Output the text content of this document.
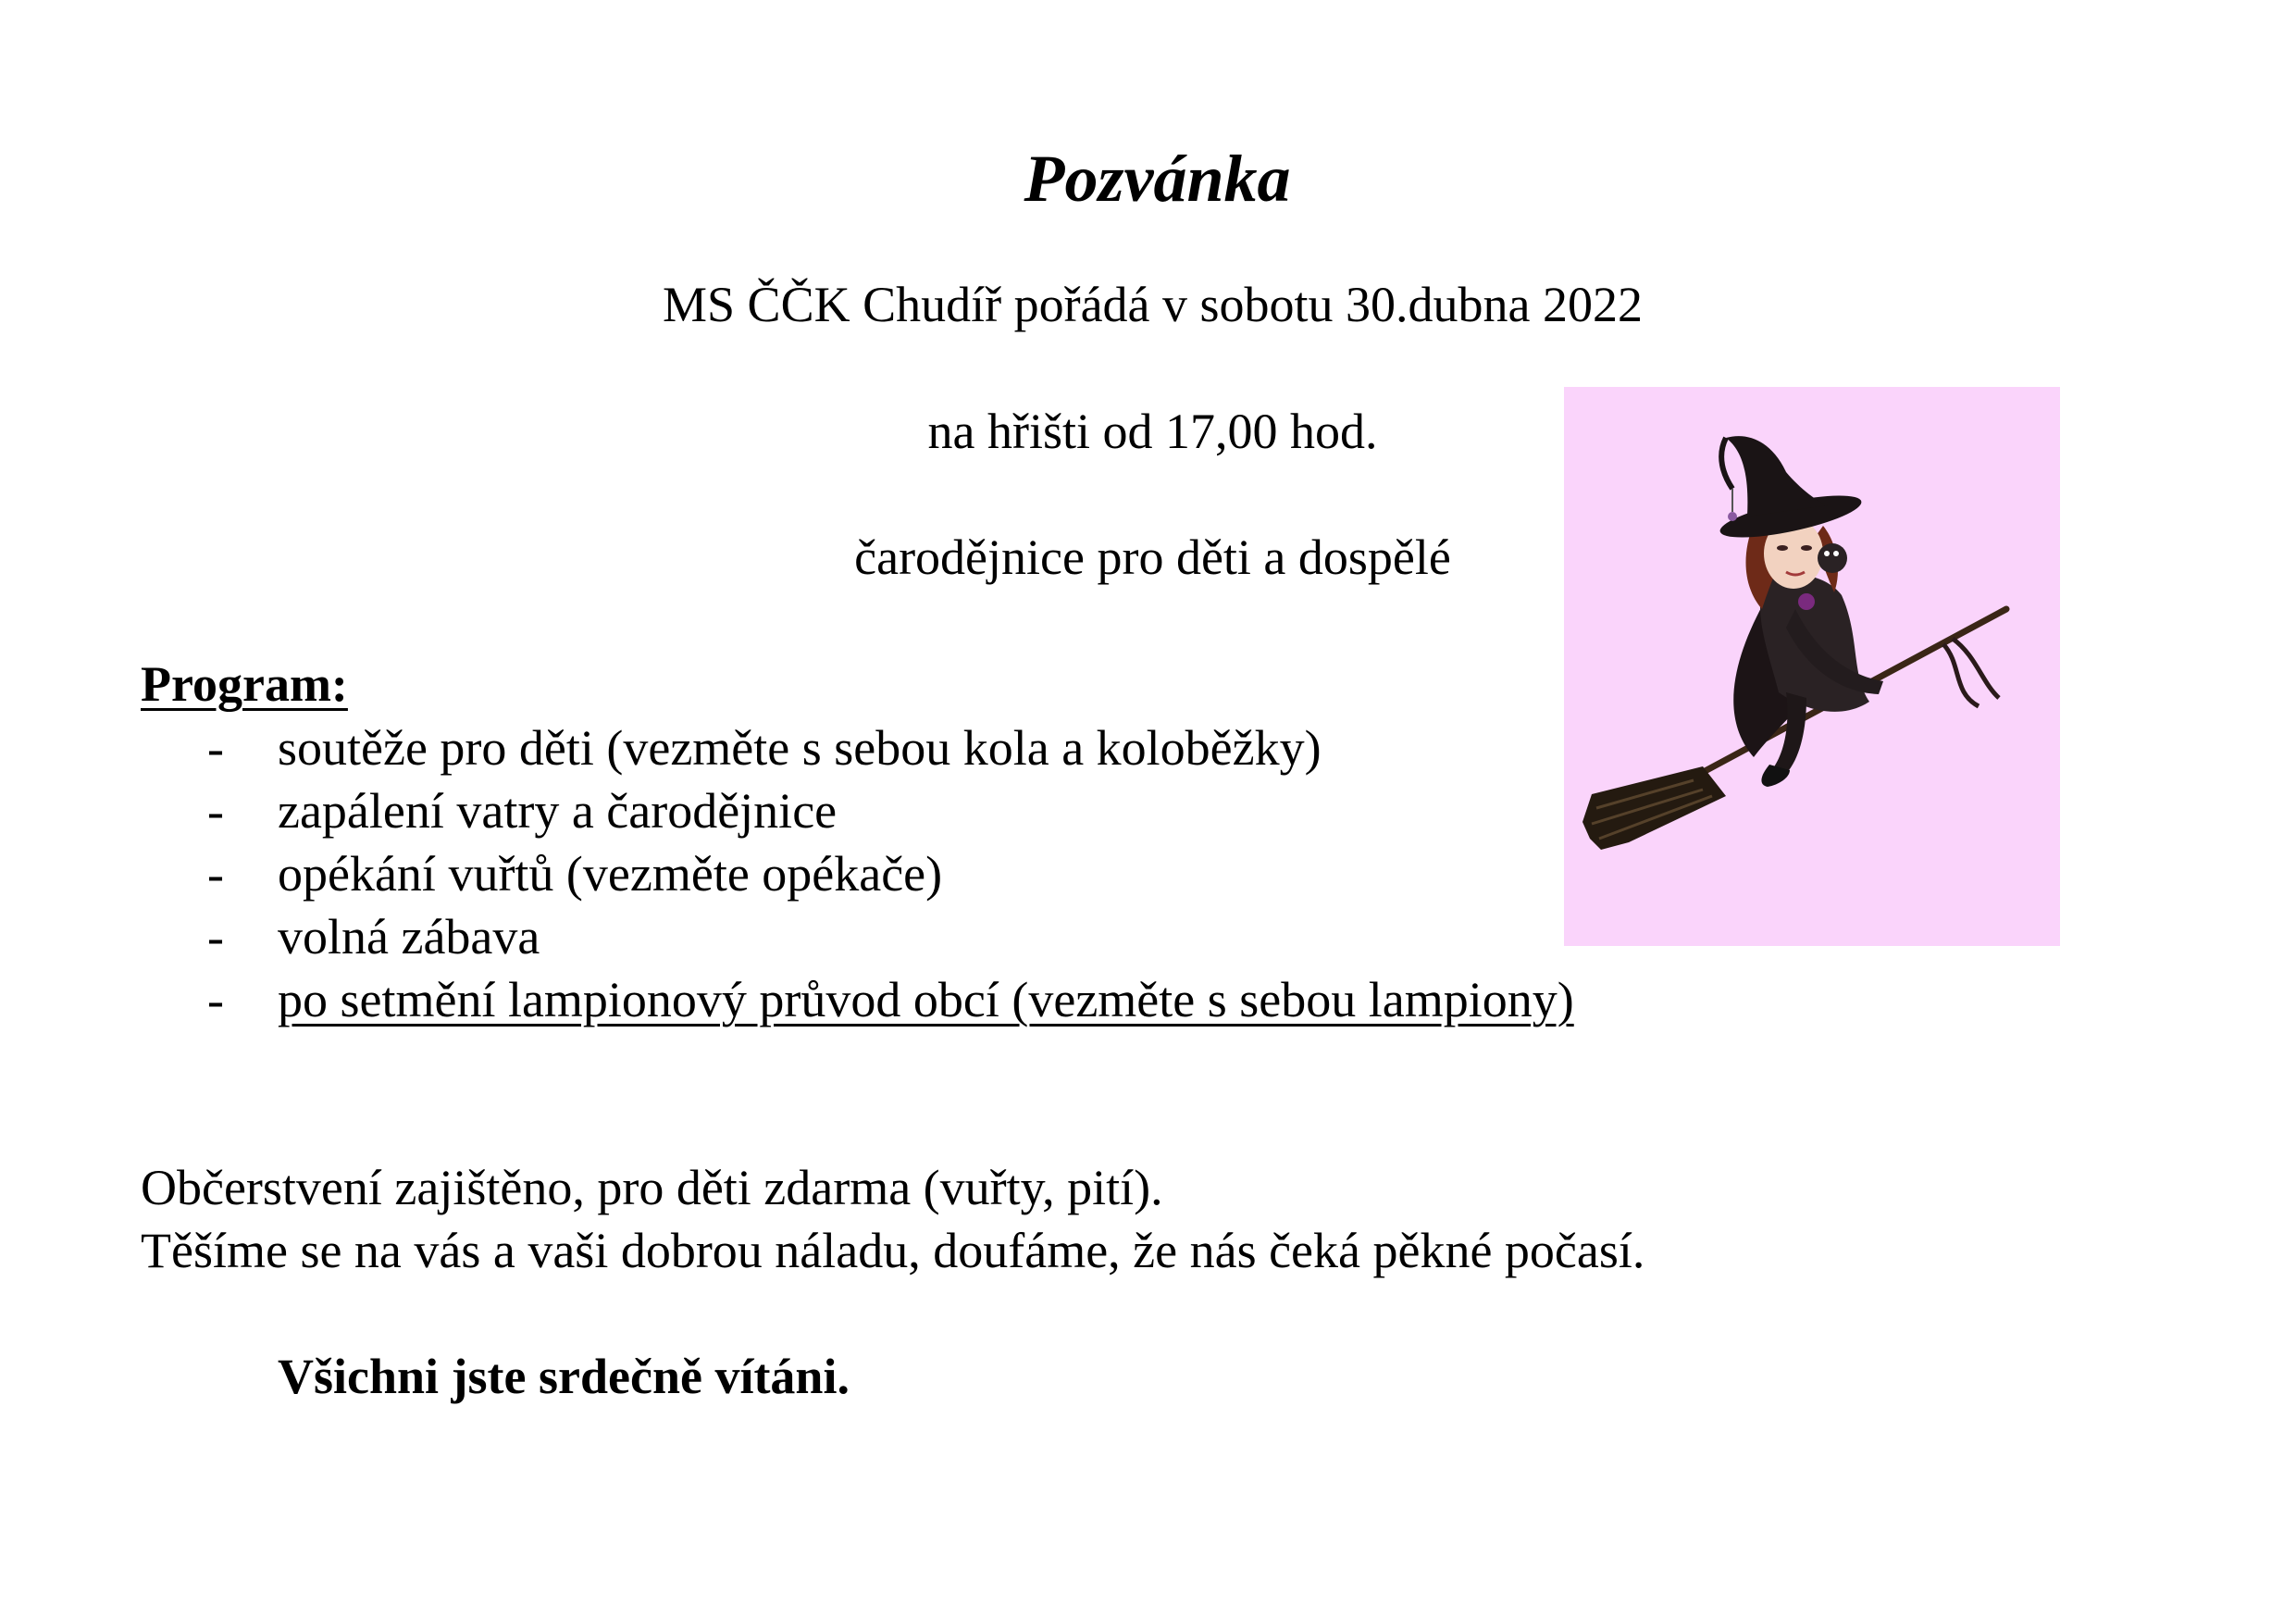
Pozvánka
MS ČČK Chudíř pořádá v sobotu 30.dubna 2022
na hřišti od 17,00 hod.
čarodějnice pro děti a dospělé
Program:
- soutěže pro děti (vezměte s sebou kola a koloběžky)
- zapálení vatry a čarodějnice
- opékání vuřtů (vezměte opékače)
- volná zábava
- po setmění lampionový průvod obcí (vezměte s sebou lampiony)
Občerstvení zajištěno, pro děti zdarma (vuřty, pití).
Těšíme se na vás a vaši dobrou náladu, doufáme, že nás čeká pěkné počasí.
Všichni jste srdečně vítáni.
